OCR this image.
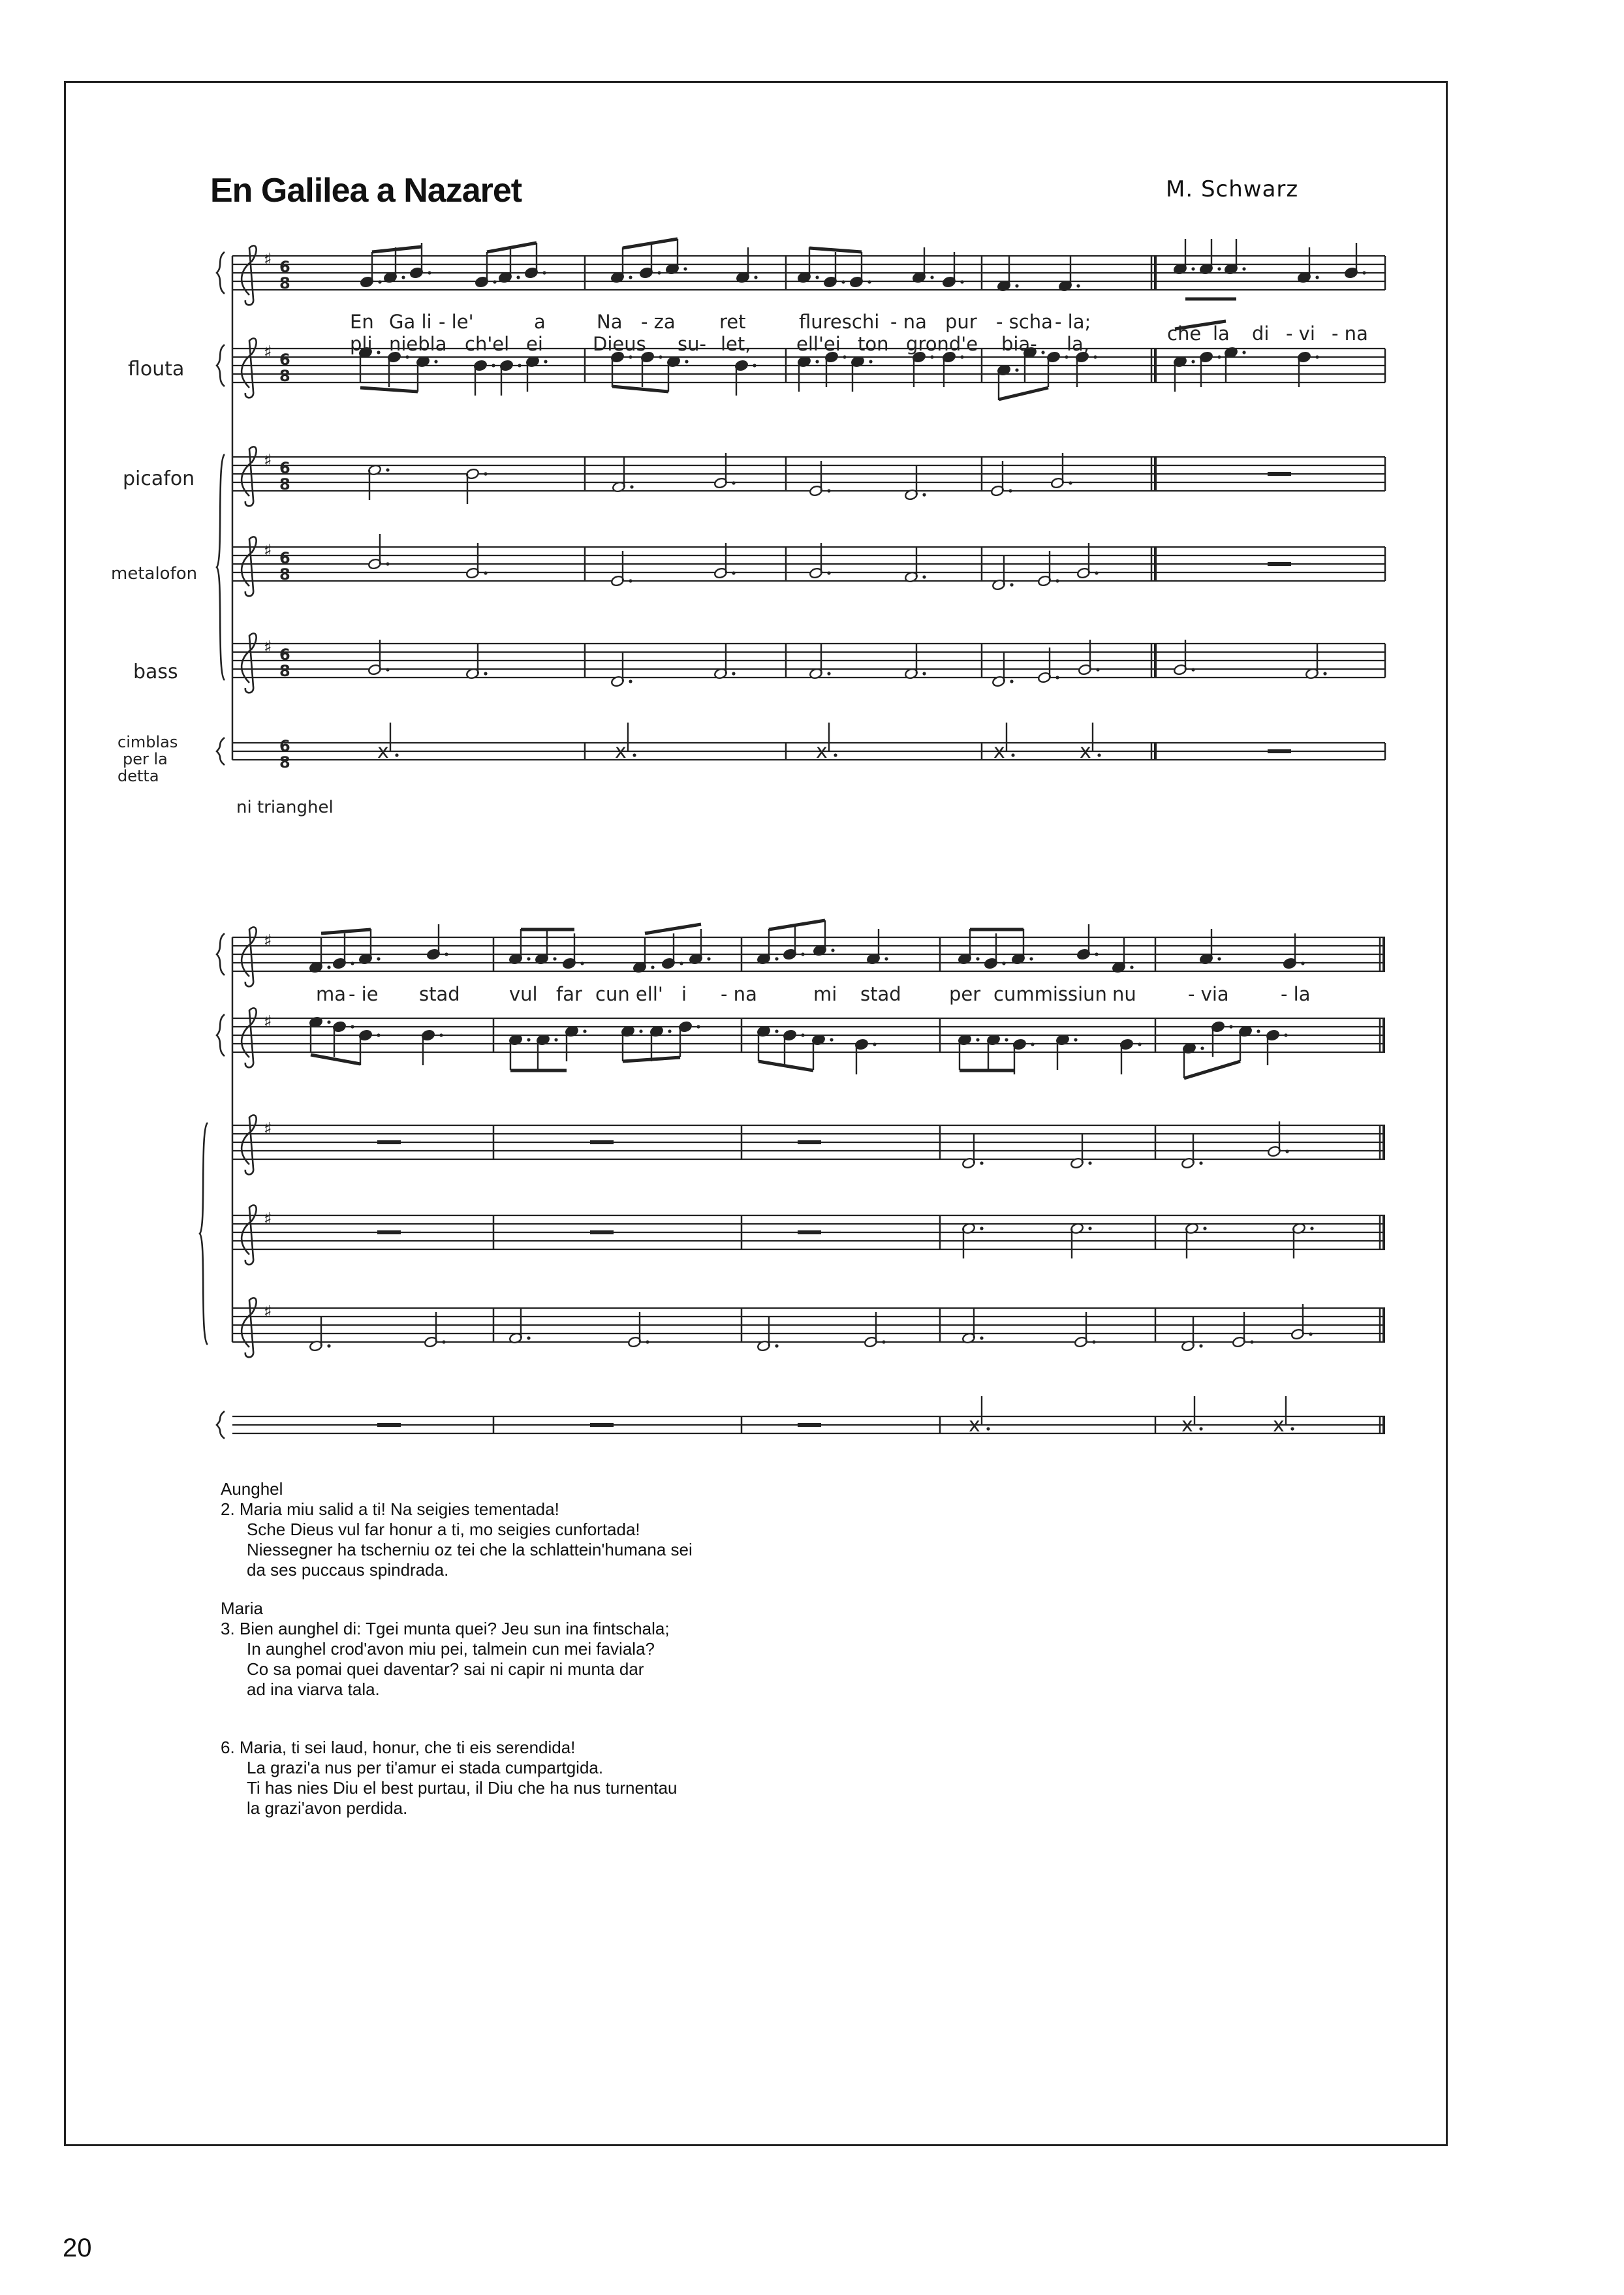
En Galilea a Nazaret	M. Schwarz
♯ 6
8
♯ 6
8
♯ 6
8
♯ 6
8
♯ 6
8
6
8
♯
♯
♯
♯
♯
x	x	x	x	x
x	x	x
flouta
picafon
metalofon
bass
cimblas
per la
detta
ni trianghel
En Ga li - le'	a	Na - za ret	flureschi - na pur - scha - la;
pli niebla ch'el ei	Dieus su- let, ell'ei ton grond'e bia- la,	che la di - vi - na
ma - ie stad	vul far cun ell' i - na	mi stad	per cummissiun nu	- via	- la
Aunghel
2. Maria miu salid a ti! Na seigies tementada!
Sche Dieus vul far honur a ti, mo seigies cunfortada!
Niessegner ha tscherniu oz tei che la schlattein'humana sei
da ses puccaus spindrada.
Maria
3. Bien aunghel di: Tgei munta quei? Jeu sun ina fintschala;
In aunghel crod'avon miu pei, talmein cun mei faviala?
Co sa pomai quei daventar? sai ni capir ni munta dar
ad ina viarva tala.
6. Maria, ti sei laud, honur, che ti eis serendida!
La grazi'a nus per ti'amur ei stada cumpartgida.
Ti has nies Diu el best purtau, il Diu che ha nus turnentau
la grazi'avon perdida.
20
